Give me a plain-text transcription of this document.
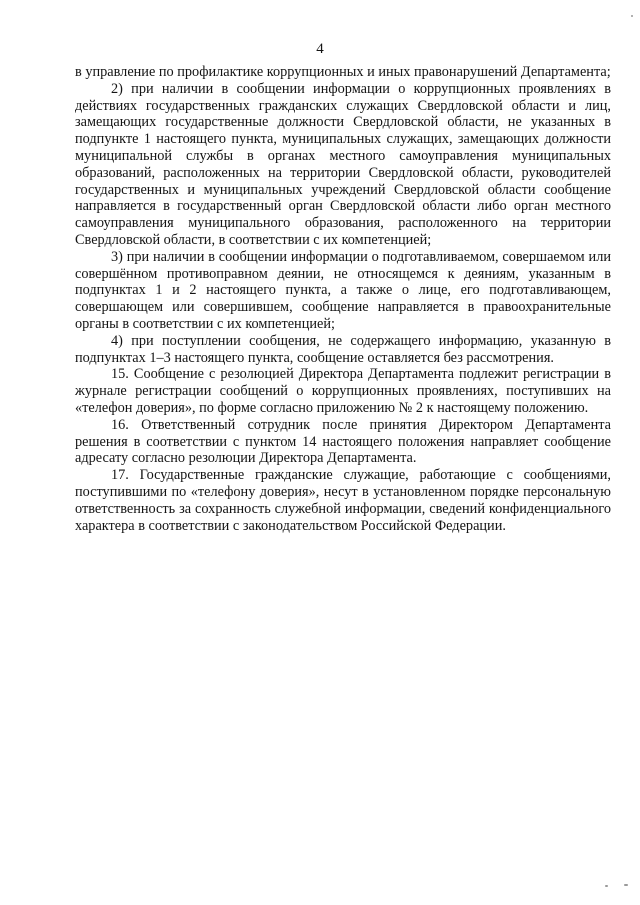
4

в управление по профилактике коррупционных и иных правонарушений Департамента;

2) при наличии в сообщении информации о коррупционных проявлениях в действиях государственных гражданских служащих Свердловской области и лиц, замещающих государственные должности Свердловской области, не указанных в подпункте 1 настоящего пункта, муниципальных служащих, замещающих должности муниципальной службы в органах местного самоуправления муниципальных образований, расположенных на территории Свердловской области, руководителей государственных и муниципальных учреждений Свердловской области сообщение направляется в государственный орган Свердловской области либо орган местного самоуправления муниципального образования, расположенного на территории Свердловской области, в соответствии с их компетенцией;

3) при наличии в сообщении информации о подготавливаемом, совершаемом или совершённом противоправном деянии, не относящемся к деяниям, указанным в подпунктах 1 и 2 настоящего пункта, а также о лице, его подготавливающем, совершающем или совершившем, сообщение направляется в правоохранительные органы в соответствии с их компетенцией;

4) при поступлении сообщения, не содержащего информацию, указанную в подпунктах 1–3 настоящего пункта, сообщение оставляется без рассмотрения.

15. Сообщение с резолюцией Директора Департамента подлежит регистрации в журнале регистрации сообщений о коррупционных проявлениях, поступивших на «телефон доверия», по форме согласно приложению № 2 к настоящему положению.

16. Ответственный сотрудник после принятия Директором Департамента решения в соответствии с пунктом 14 настоящего положения направляет сообщение адресату согласно резолюции Директора Департамента.

17. Государственные гражданские служащие, работающие с сообщениями, поступившими по «телефону доверия», несут в установленном порядке персональную ответственность за сохранность служебной информации, сведений конфиденциального характера в соответствии с законодательством Российской Федерации.
